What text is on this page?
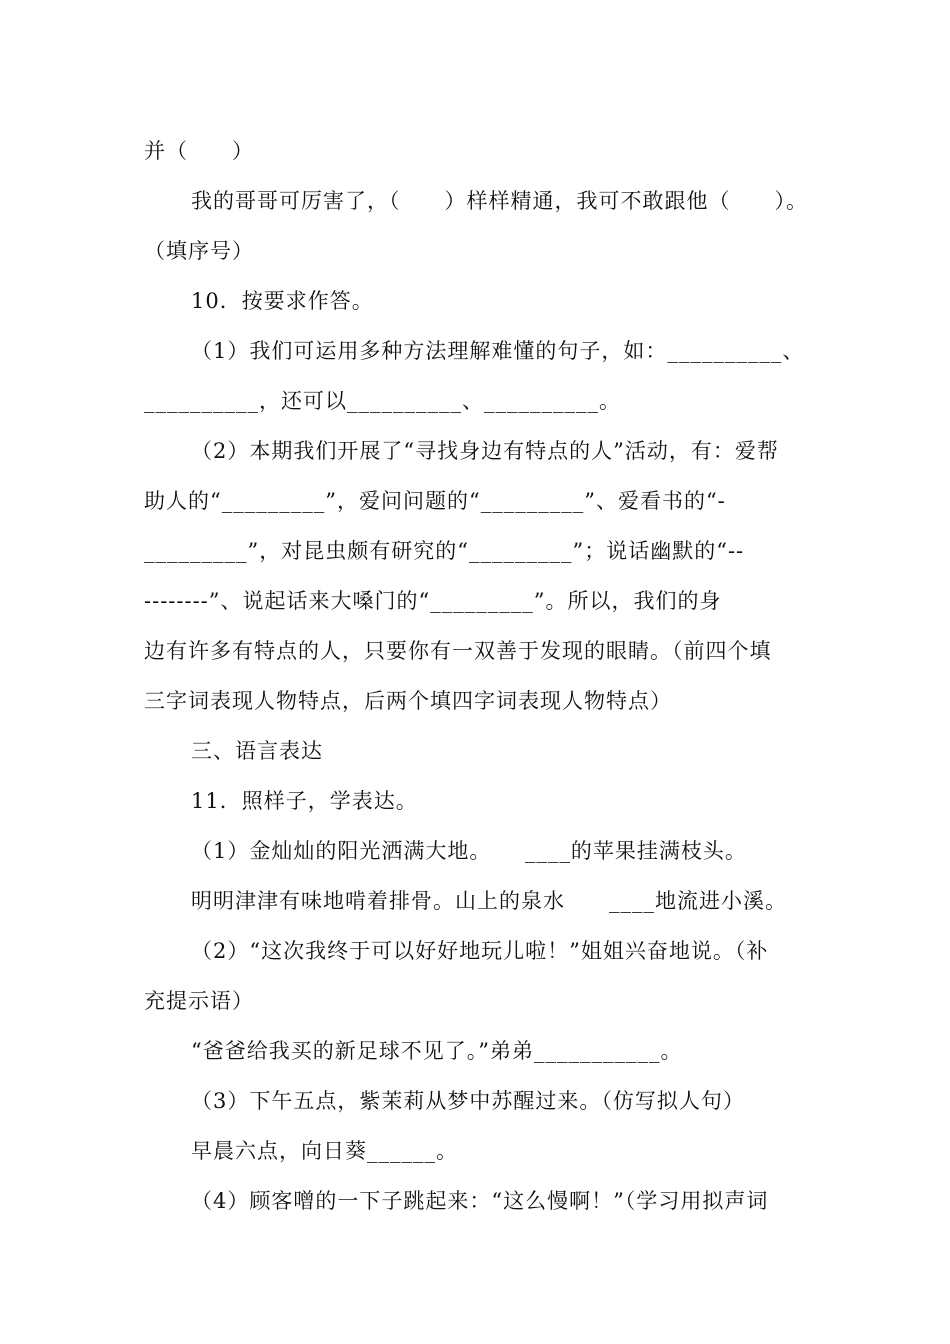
并（　　）
我的哥哥可厉害了，（　　）样样精通，我可不敢跟他（　　）。
（填序号）
10．按要求作答。
（1）我们可运用多种方法理解难懂的句子，如：__________、
__________，还可以__________、__________。
（2）本期我们开展了“寻找身边有特点的人”活动，有：爱帮
助人的“_________”，爱问问题的“_________”、爱看书的“-
_________”，对昆虫颇有研究的“_________”；说话幽默的“--
--------”、说起话来大嗓门的“_________”。所以，我们的身
边有许多有特点的人，只要你有一双善于发现的眼睛。（前四个填
三字词表现人物特点，后两个填四字词表现人物特点）
三、语言表达
11．照样子，学表达。
（1）金灿灿的阳光洒满大地。　　____的苹果挂满枝头。
明明津津有味地啃着排骨。山上的泉水　　____地流进小溪。
（2）“这次我终于可以好好地玩儿啦！”姐姐兴奋地说。（补
充提示语）
“爸爸给我买的新足球不见了。”弟弟___________。
（3）下午五点，紫茉莉从梦中苏醒过来。（仿写拟人句）
早晨六点，向日葵______。
（4）顾客噌的一下子跳起来：“这么慢啊！”（学习用拟声词
